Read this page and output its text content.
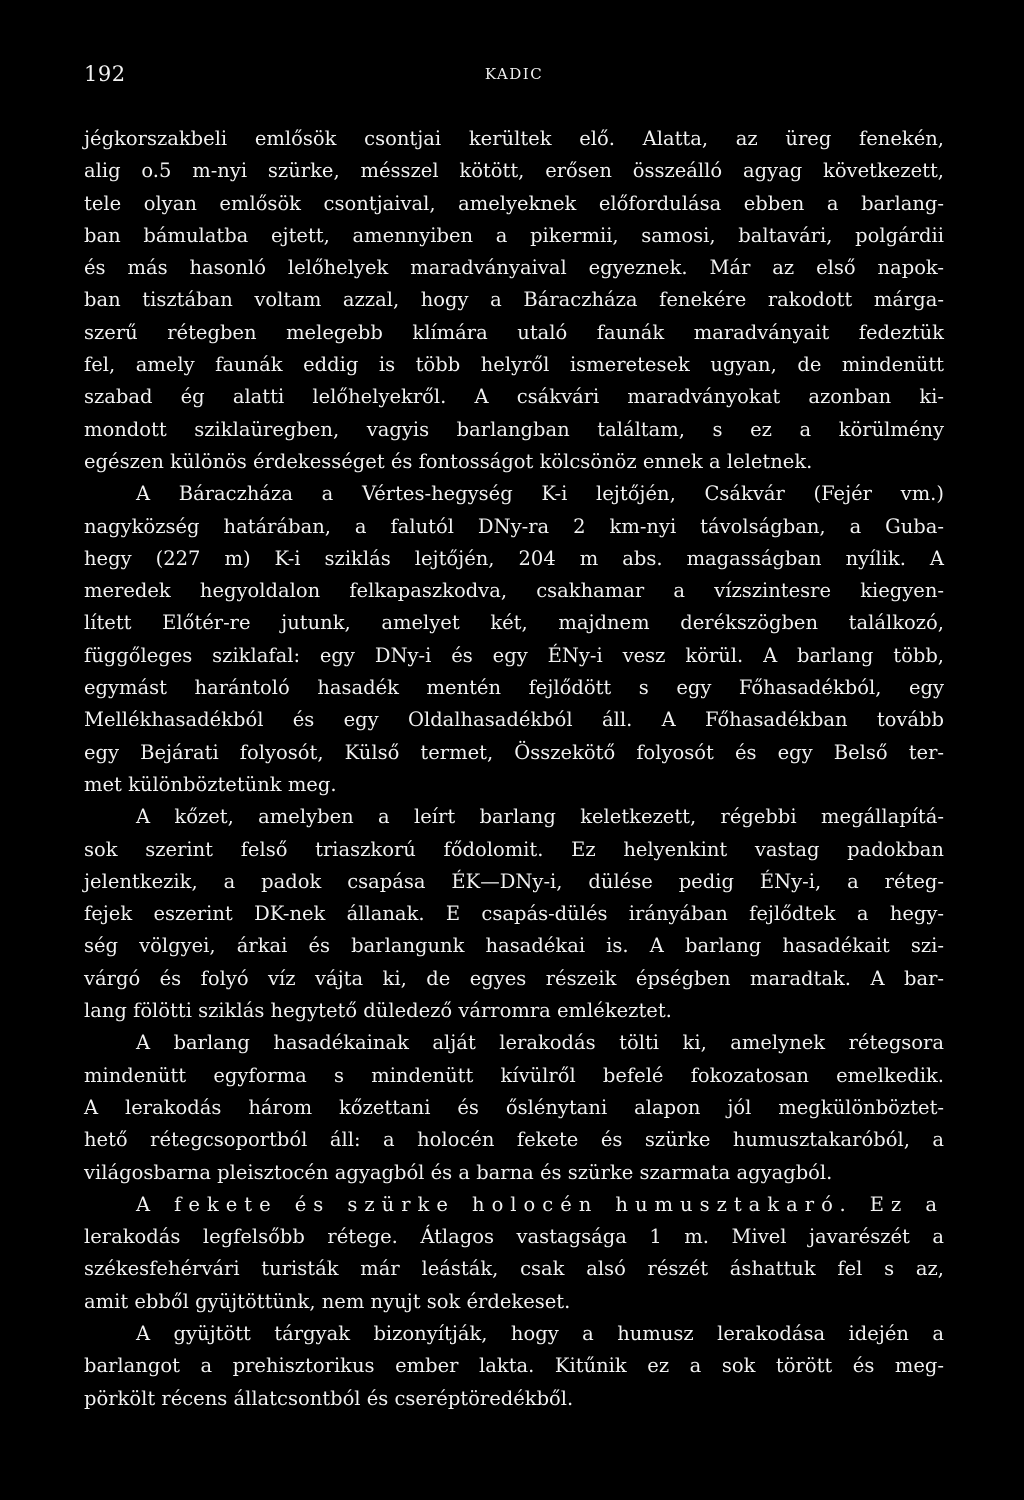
192	KADIC
jégkorszakbeli emlősök csontjai kerültek elő. Alatta, az üreg fenekén,
alig o.5 m-nyi szürke, mésszel kötött, erősen összeálló agyag következett,
tele olyan emlősök csontjaival, amelyeknek előfordulása ebben a barlang-
ban bámulatba ejtett, amennyiben a pikermii, samosi, baltavári, polgárdii
és más hasonló lelőhelyek maradványaival egyeznek. Már az első napok-
ban tisztában voltam azzal, hogy a Báraczháza fenekére rakodott márga-
szerű rétegben melegebb klímára utaló faunák maradványait fedeztük
fel, amely faunák eddig is több helyről ismeretesek ugyan, de mindenütt
szabad ég alatti lelőhelyekről. A csákvári maradványokat azonban ki-
mondott sziklaüregben, vagyis barlangban találtam, s ez a körülmény
egészen különös érdekességet és fontosságot kölcsönöz ennek a leletnek.
A Báraczháza a Vértes-hegység K-i lejtőjén, Csákvár (Fejér vm.)
nagyközség határában, a falutól DNy-ra 2 km-nyi távolságban, a Guba-
hegy (227 m) K-i sziklás lejtőjén, 204 m abs. magasságban nyílik. A
meredek hegyoldalon felkapaszkodva, csakhamar a vízszintesre kiegyen-
lített Előtér-re jutunk, amelyet két, majdnem derékszögben találkozó,
függőleges sziklafal: egy DNy-i és egy ÉNy-i vesz körül. A barlang több,
egymást harántoló hasadék mentén fejlődött s egy Főhasadékból, egy
Mellékhasadékból és egy Oldalhasadékból áll. A Főhasadékban tovább
egy Bejárati folyosót, Külső termet, Összekötő folyosót és egy Belső ter-
met különböztetünk meg.
A kőzet, amelyben a leírt barlang keletkezett, régebbi megállapítá-
sok szerint felső triaszkorú fődolomit. Ez helyenkint vastag padokban
jelentkezik, a padok csapása ÉK—DNy-i, dülése pedig ÉNy-i, a réteg-
fejek eszerint DK-nek állanak. E csapás-dülés irányában fejlődtek a hegy-
ség völgyei, árkai és barlangunk hasadékai is. A barlang hasadékait szi-
várgó és folyó víz vájta ki, de egyes részeik épségben maradtak. A bar-
lang fölötti sziklás hegytető düledező várromra emlékeztet.
A barlang hasadékainak alját lerakodás tölti ki, amelynek rétegsora
mindenütt egyforma s mindenütt kívülről befelé fokozatosan emelkedik.
A lerakodás három kőzettani és őslénytani alapon jól megkülönböztet-
hető rétegcsoportból áll: a holocén fekete és szürke humusztakaróból, a
világosbarna pleisztocén agyagból és a barna és szürke szarmata agyagból.
A fekete és szürke holocén humusztakaró. Ez a
lerakodás legfelsőbb rétege. Átlagos vastagsága 1 m. Mivel javarészét a
székesfehérvári turisták már leásták, csak alsó részét áshattuk fel s az,
amit ebből gyüjtöttünk, nem nyujt sok érdekeset.
A gyüjtött tárgyak bizonyítják, hogy a humusz lerakodása idején a
barlangot a prehisztorikus ember lakta. Kitűnik ez a sok törött és meg-
pörkölt récens állatcsontból és cseréptöredékből.
